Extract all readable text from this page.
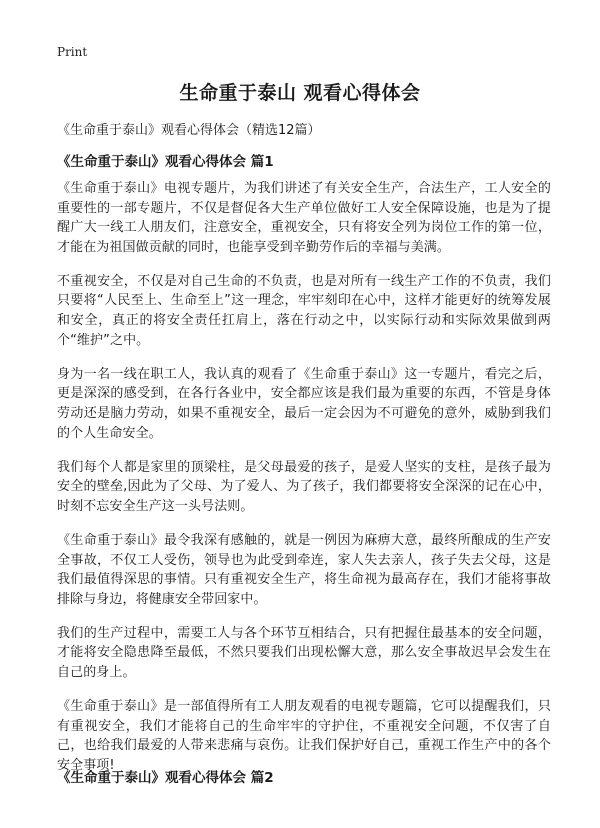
Print
生命重于泰山 观看心得体会

《生命重于泰山》观看心得体会（精选12篇）

《生命重于泰山》观看心得体会 篇1

《生命重于泰山》电视专题片，为我们讲述了有关安全生产，合法生产，工人安全的重要性的一部专题片，不仅是督促各大生产单位做好工人安全保障设施，也是为了提醒广大一线工人朋友们，注意安全，重视安全，只有将安全列为岗位工作的第一位，才能在为祖国做贡献的同时，也能享受到辛勤劳作后的幸福与美满。

不重视安全，不仅是对自己生命的不负责，也是对所有一线生产工作的不负责，我们只要将“人民至上、生命至上”这一理念，牢牢刻印在心中，这样才能更好的统筹发展和安全，真正的将安全责任扛肩上，落在行动之中，以实际行动和实际效果做到两个“维护”之中。

身为一名一线在职工人，我认真的观看了《生命重于泰山》这一专题片，看完之后，更是深深的感受到，在各行各业中，安全都应该是我们最为重要的东西，不管是身体劳动还是脑力劳动，如果不重视安全，最后一定会因为不可避免的意外，威胁到我们的个人生命安全。

我们每个人都是家里的顶梁柱，是父母最爱的孩子，是爱人坚实的支柱，是孩子最为安全的壁垒,因此为了父母、为了爱人、为了孩子，我们都要将安全深深的记在心中，时刻不忘安全生产这一头号法则。

《生命重于泰山》最令我深有感触的，就是一例因为麻痹大意，最终所酿成的生产安全事故，不仅工人受伤，领导也为此受到牵连，家人失去亲人，孩子失去父母，这是我们最值得深思的事情。只有重视安全生产，将生命视为最高存在，我们才能将事故排除与身边，将健康安全带回家中。

我们的生产过程中，需要工人与各个环节互相结合，只有把握住最基本的安全问题，才能将安全隐患降至最低，不然只要我们出现松懈大意，那么安全事故迟早会发生在自己的身上。

《生命重于泰山》是一部值得所有工人朋友观看的电视专题篇，它可以提醒我们，只有重视安全，我们才能将自己的生命牢牢的守护住，不重视安全问题，不仅害了自己，也给我们最爱的人带来悲痛与哀伤。让我们保护好自己，重视工作生产中的各个安全事项!

《生命重于泰山》观看心得体会 篇2
